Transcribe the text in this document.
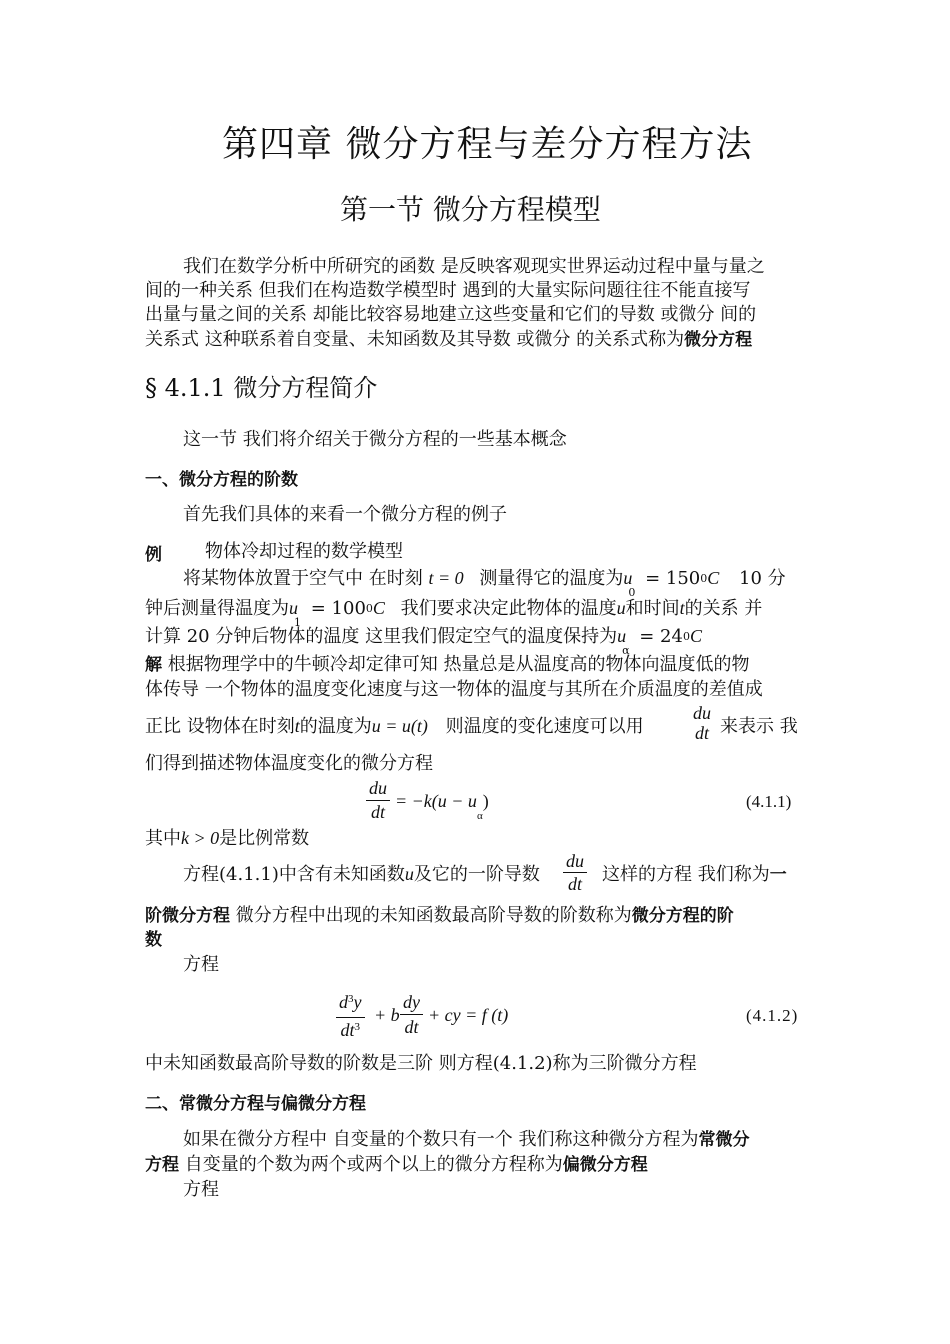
第四章 微分方程与差分方程方法
第一节 微分方程模型
我们在数学分析中所研究的函数 是反映客观现实世界运动过程中量与量之
间的一种关系 但我们在构造数学模型时 遇到的大量实际问题往往不能直接写
出量与量之间的关系 却能比较容易地建立这些变量和它们的导数 或微分 间的
关系式 这种联系着自变量、未知函数及其导数 或微分 的关系式称为微分方程
§ 4.1.1 微分方程简介
这一节 我们将介绍关于微分方程的一些基本概念
一、微分方程的阶数
首先我们具体的来看一个微分方程的例子
例 物体冷却过程的数学模型
将某物体放置于空气中 在时刻 t = 0 测量得它的温度为$u_0 = 1500C$ 10 分
钟后测量得温度为$u_1 = 1000C$ 我们要求决定此物体的温度u和时间t的关系 并
计算 20 分钟后物体的温度 这里我们假定空气的温度保持为$u_\alpha = 240C$
解 根据物理学中的牛顿冷却定律可知 热量总是从温度高的物体向温度低的物
体传导 一个物体的温度变化速度与这一物体的温度与其所在介质温度的差值成
正比 设物体在时刻t的温度为u = u(t) 则温度的变化速度可以用
du
dt 来表示 我
们得到描述物体温度变化的微分方程
du
dt
= $-k(u - u_\alpha)$	(4.1.1)
其中k > 0是比例常数
方程(4.1.1)中含有未知函数u及它的一阶导数
du
dt 这样的方程 我们称为一
阶微分方程 微分方程中出现的未知函数最高阶导数的阶数称为微分方程的阶
数
方程
$d^3y$
$dt^3$
+ b
dy
dt
+ cy = f (t)	(4.1.2)
中未知函数最高阶导数的阶数是三阶 则方程(4.1.2)称为三阶微分方程
二、常微分方程与偏微分方程
如果在微分方程中 自变量的个数只有一个 我们称这种微分方程为常微分
方程 自变量的个数为两个或两个以上的微分方程称为偏微分方程
方程
